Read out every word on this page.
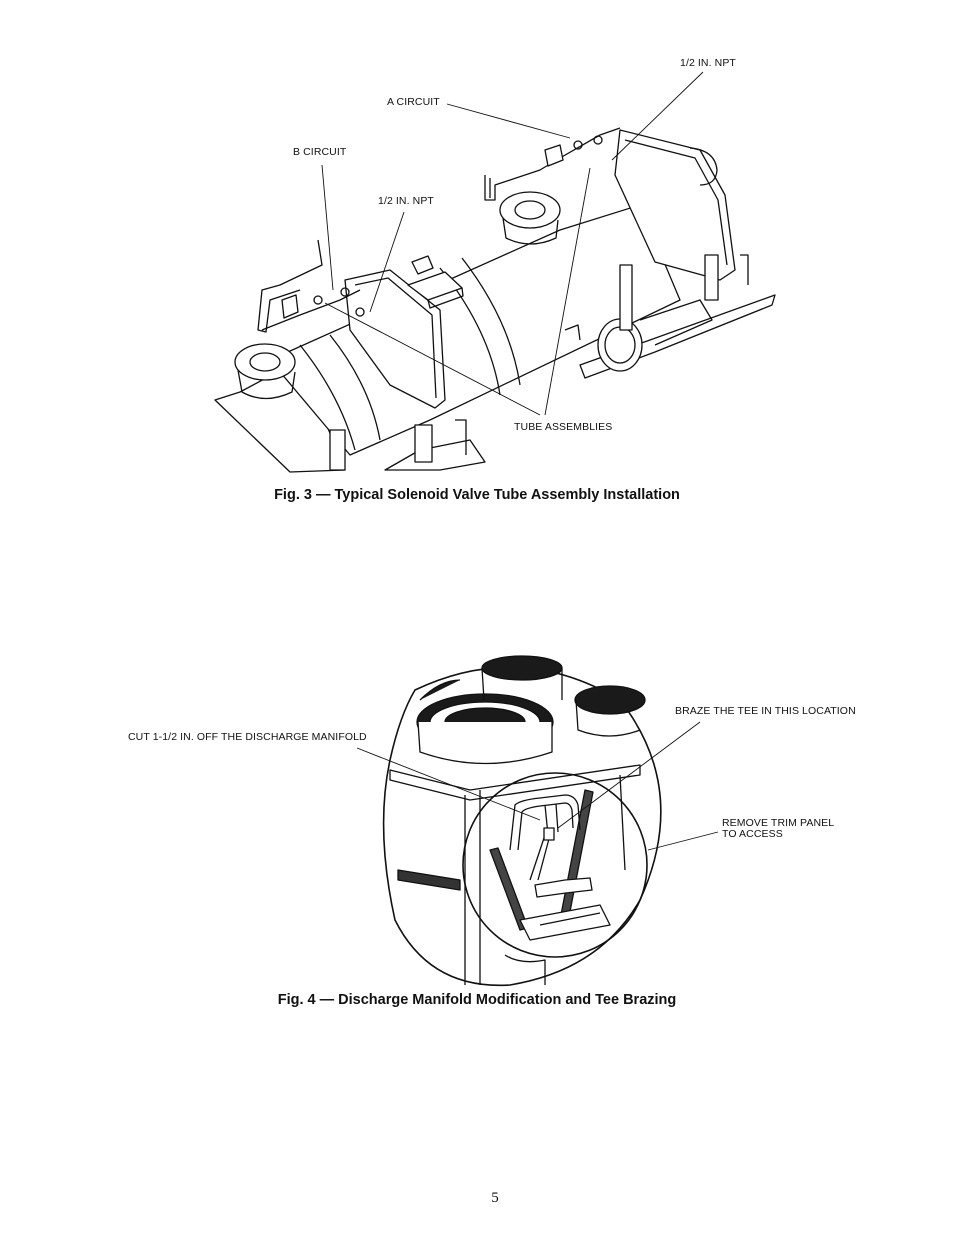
1/2 IN. NPT
A CIRCUIT
B CIRCUIT
1/2 IN. NPT
TUBE ASSEMBLIES
Fig. 3 — Typical Solenoid Valve Tube Assembly Installation
BRAZE THE TEE IN THIS LOCATION
CUT 1-1/2 IN. OFF THE DISCHARGE MANIFOLD
REMOVE TRIM PANEL
TO ACCESS
Fig. 4 — Discharge Manifold Modification and Tee Brazing
5
